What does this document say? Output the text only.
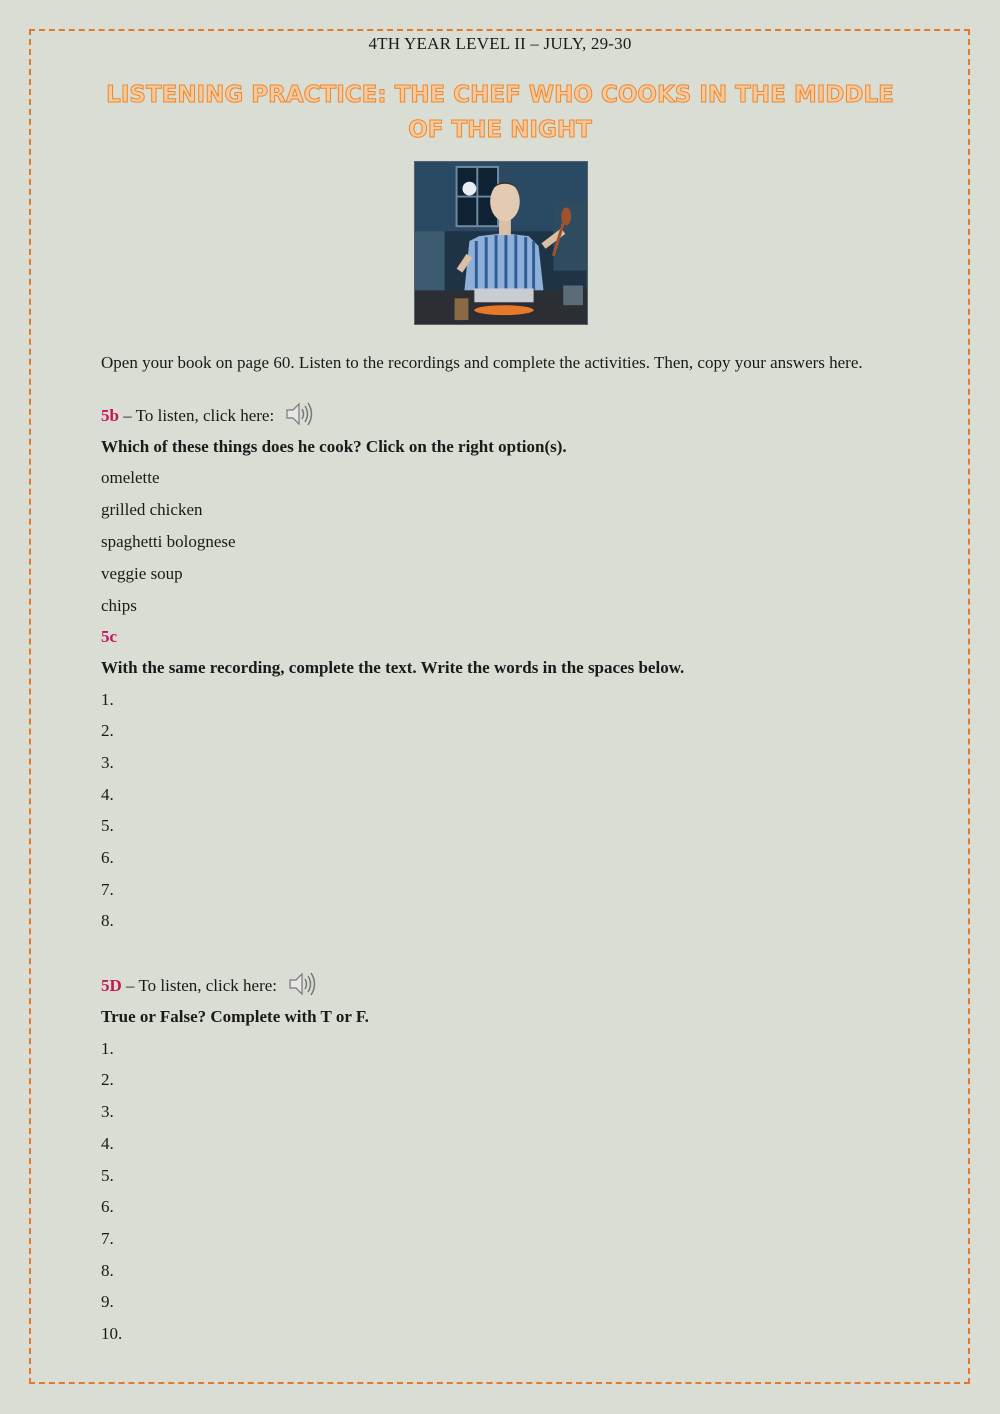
4TH YEAR LEVEL II – JULY, 29-30
LISTENING PRACTICE: THE CHEF WHO COOKS IN THE MIDDLE OF THE NIGHT
Open your book on page 60. Listen to the recordings and complete the activities. Then, copy your answers here.
5b – To listen, click here:
Which of these things does he cook? Click on the right option(s).
omelette
grilled chicken
spaghetti bolognese
veggie soup
chips
5c
With the same recording, complete the text. Write the words in the spaces below.
1.
2.
3.
4.
5.
6.
7.
8.
5D – To listen, click here:
True or False? Complete with T or F.
1.
2.
3.
4.
5.
6.
7.
8.
9.
10.
